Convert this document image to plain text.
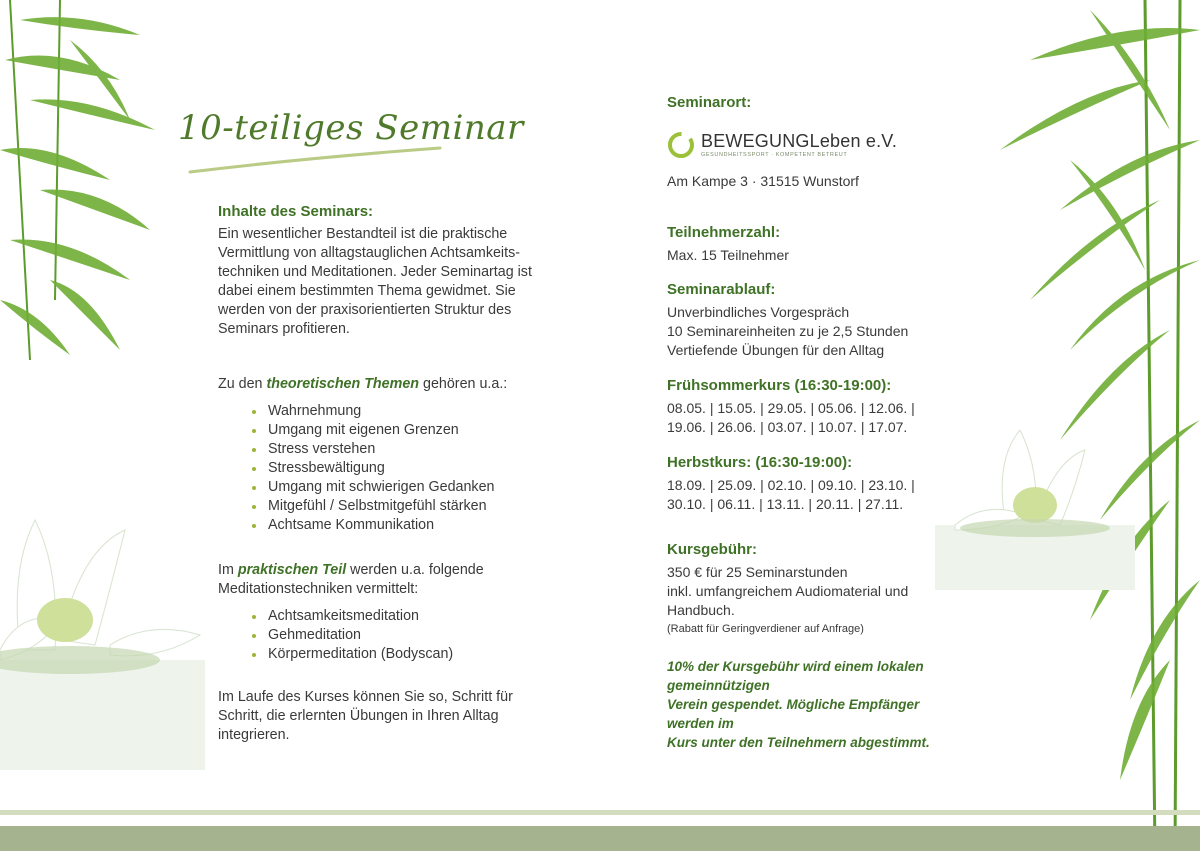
10-teiliges Seminar

Inhalte des Seminars:

Ein wesentlicher Bestandteil ist die praktische Vermittlung von alltagstauglichen Achtsamkeits-techniken und Meditationen. Jeder Seminartag ist dabei einem bestimmten Thema gewidmet. Sie werden von der praxisorientierten Struktur des Seminars profitieren.

Zu den theoretischen Themen gehören u.a.:

Wahrnehmung
Umgang mit eigenen Grenzen
Stress verstehen
Stressbewältigung
Umgang mit schwierigen Gedanken
Mitgefühl / Selbstmitgefühl stärken
Achtsame Kommunikation

Im praktischen Teil werden u.a. folgende Meditationstechniken vermittelt:

Achtsamkeitsmeditation
Gehmeditation
Körpermeditation (Bodyscan)

Im Laufe des Kurses können Sie so, Schritt für Schritt, die erlernten Übungen in Ihren Alltag integrieren.

Seminarort:

BEWEGUNGLeben e.V.
GESUNDHEITSSPORT · KOMPETENT BETREUT

Am Kampe 3 · 31515 Wunstorf

Teilnehmerzahl:

Max. 15 Teilnehmer

Seminarablauf:

Unverbindliches Vorgespräch

10 Seminareinheiten zu je 2,5 Stunden

Vertiefende Übungen für den Alltag

Frühsommerkurs (16:30-19:00):

08.05. | 15.05. | 29.05. | 05.06. | 12.06. |

19.06. | 26.06. | 03.07. | 10.07. | 17.07.

Herbstkurs: (16:30-19:00):

18.09. | 25.09. | 02.10. | 09.10. | 23.10. |

30.10. | 06.11. | 13.11. | 20.11. | 27.11.

Kursgebühr:

350 € für 25 Seminarstunden

inkl. umfangreichem Audiomaterial und Handbuch.

(Rabatt für Geringverdiener auf Anfrage)

10% der Kursgebühr wird einem lokalen gemeinnützigen

Verein gespendet. Mögliche Empfänger werden im

Kurs unter den Teilnehmern abgestimmt.
